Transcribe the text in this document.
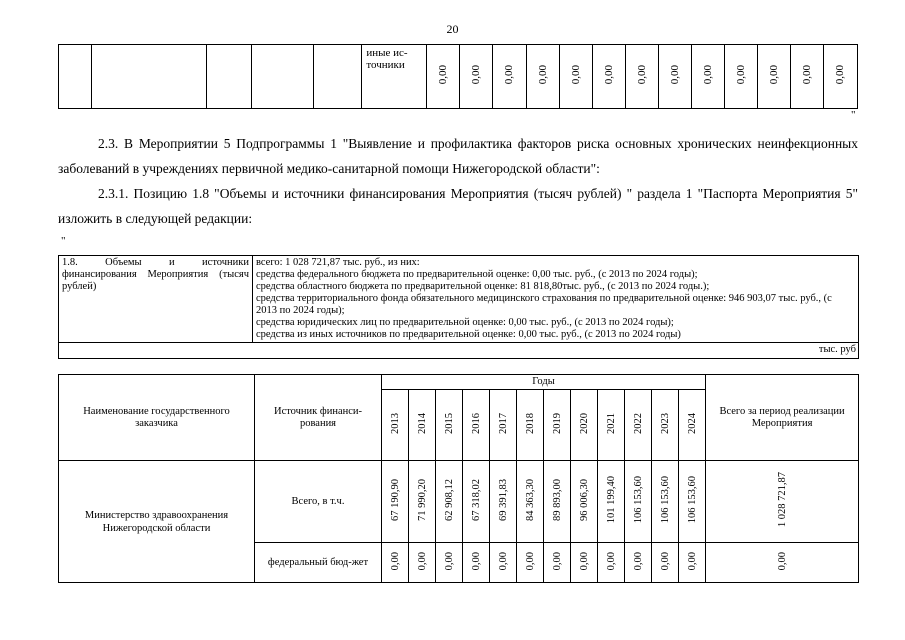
20
					иные ис-точники	0,00	0,00	0,00	0,00	0,00	0,00	0,00	0,00	0,00	0,00	0,00	0,00	0,00
"
2.3. В Мероприятии 5 Подпрограммы 1 "Выявление и профилактика факторов риска основных хронических неинфекционных заболеваний в учреждениях первичной медико-санитарной помощи Нижегородской области":
2.3.1. Позицию 1.8 "Объемы и источники финансирования Мероприятия (тысяч рублей) " раздела 1 "Паспорта Мероприятия 5" изложить в следующей редакции:
"
1.8. Объемы и источники финансирования Мероприятия (тысяч рублей)	
всего: 1 028 721,87 тыс. руб., из них:
средства федерального бюджета по предварительной оценке: 0,00 тыс. руб., (с 2013 по 2024 годы);
средства областного бюджета по предварительной оценке: 81 818,80тыс. руб., (с 2013 по 2024 годы.);
средства территориального фонда обязательного медицинского страхования по предварительной оценке: 946 903,07 тыс. руб., (с 2013 по 2024 годы);
средства юридических лиц по предварительной оценке: 0,00 тыс. руб., (с 2013 по 2024 годы);
средства из иных источников по предварительной оценке: 0,00 тыс. руб., (с 2013 по 2024 годы)

тыс. руб
Наименование государственного заказчика	Источник финанси-рования	Годы												Всего за период реализации Мероприятия
		2013	2014	2015	2016	2017	2018	2019	2020	2021	2022	2023	2024	
Министерство здравоохранения Нижегородской области	Всего, в т.ч.	67 190,90	71 990,20	62 908,12	67 318,02	69 391,83	84 363,30	89 893,00	96 006,30	101 199,40	106 153,60	106 153,60	106 153,60	1 028 721,87
	федеральный бюд-жет	0,00	0,00	0,00	0,00	0,00	0,00	0,00	0,00	0,00	0,00	0,00	0,00	0,00
